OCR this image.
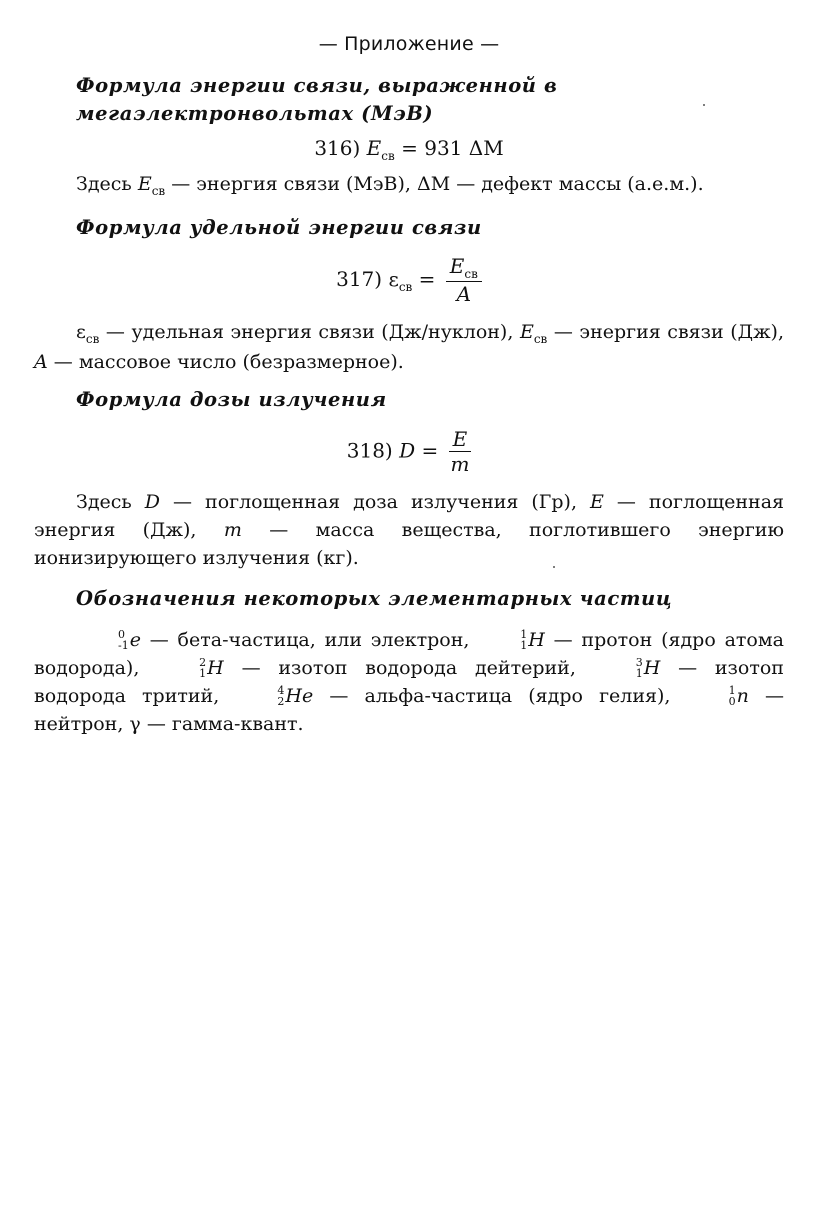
— Приложение —
Формула энергии связи, выраженной в мегаэлектронвольтах (МэВ)
316) $E_{св} = 931$ ΔM
Здесь $E_{св}$ — энергия связи (МэВ), ΔM — дефект массы (а.е.м.).
Формула удельной энергии связи
317) $\varepsilon_{св} = \frac{E_{св}}{A}$
$\varepsilon_{св}$ — удельная энергия связи (Дж/нуклон), $E_{св}$ — энергия связи (Дж), A — массовое число (безразмерное).
Формула дозы излучения
318) $D = \frac{E}{m}$
Здесь D — поглощенная доза излучения (Гр), E — поглощенная энергия (Дж), m — масса вещества, поглотившего энергию ионизирующего излучения (кг).
Обозначения некоторых элементарных частиц
0
-1 e — бета-частица, или электрон,	1
1 H — протон (ядро атома водорода),	2
1 H — изотоп водорода дейтерий,	3
1 H — изотоп водорода тритий,	4
2 He — альфа-частица (ядро гелия),	1
0 n — нейтрон, γ — гамма-квант.
